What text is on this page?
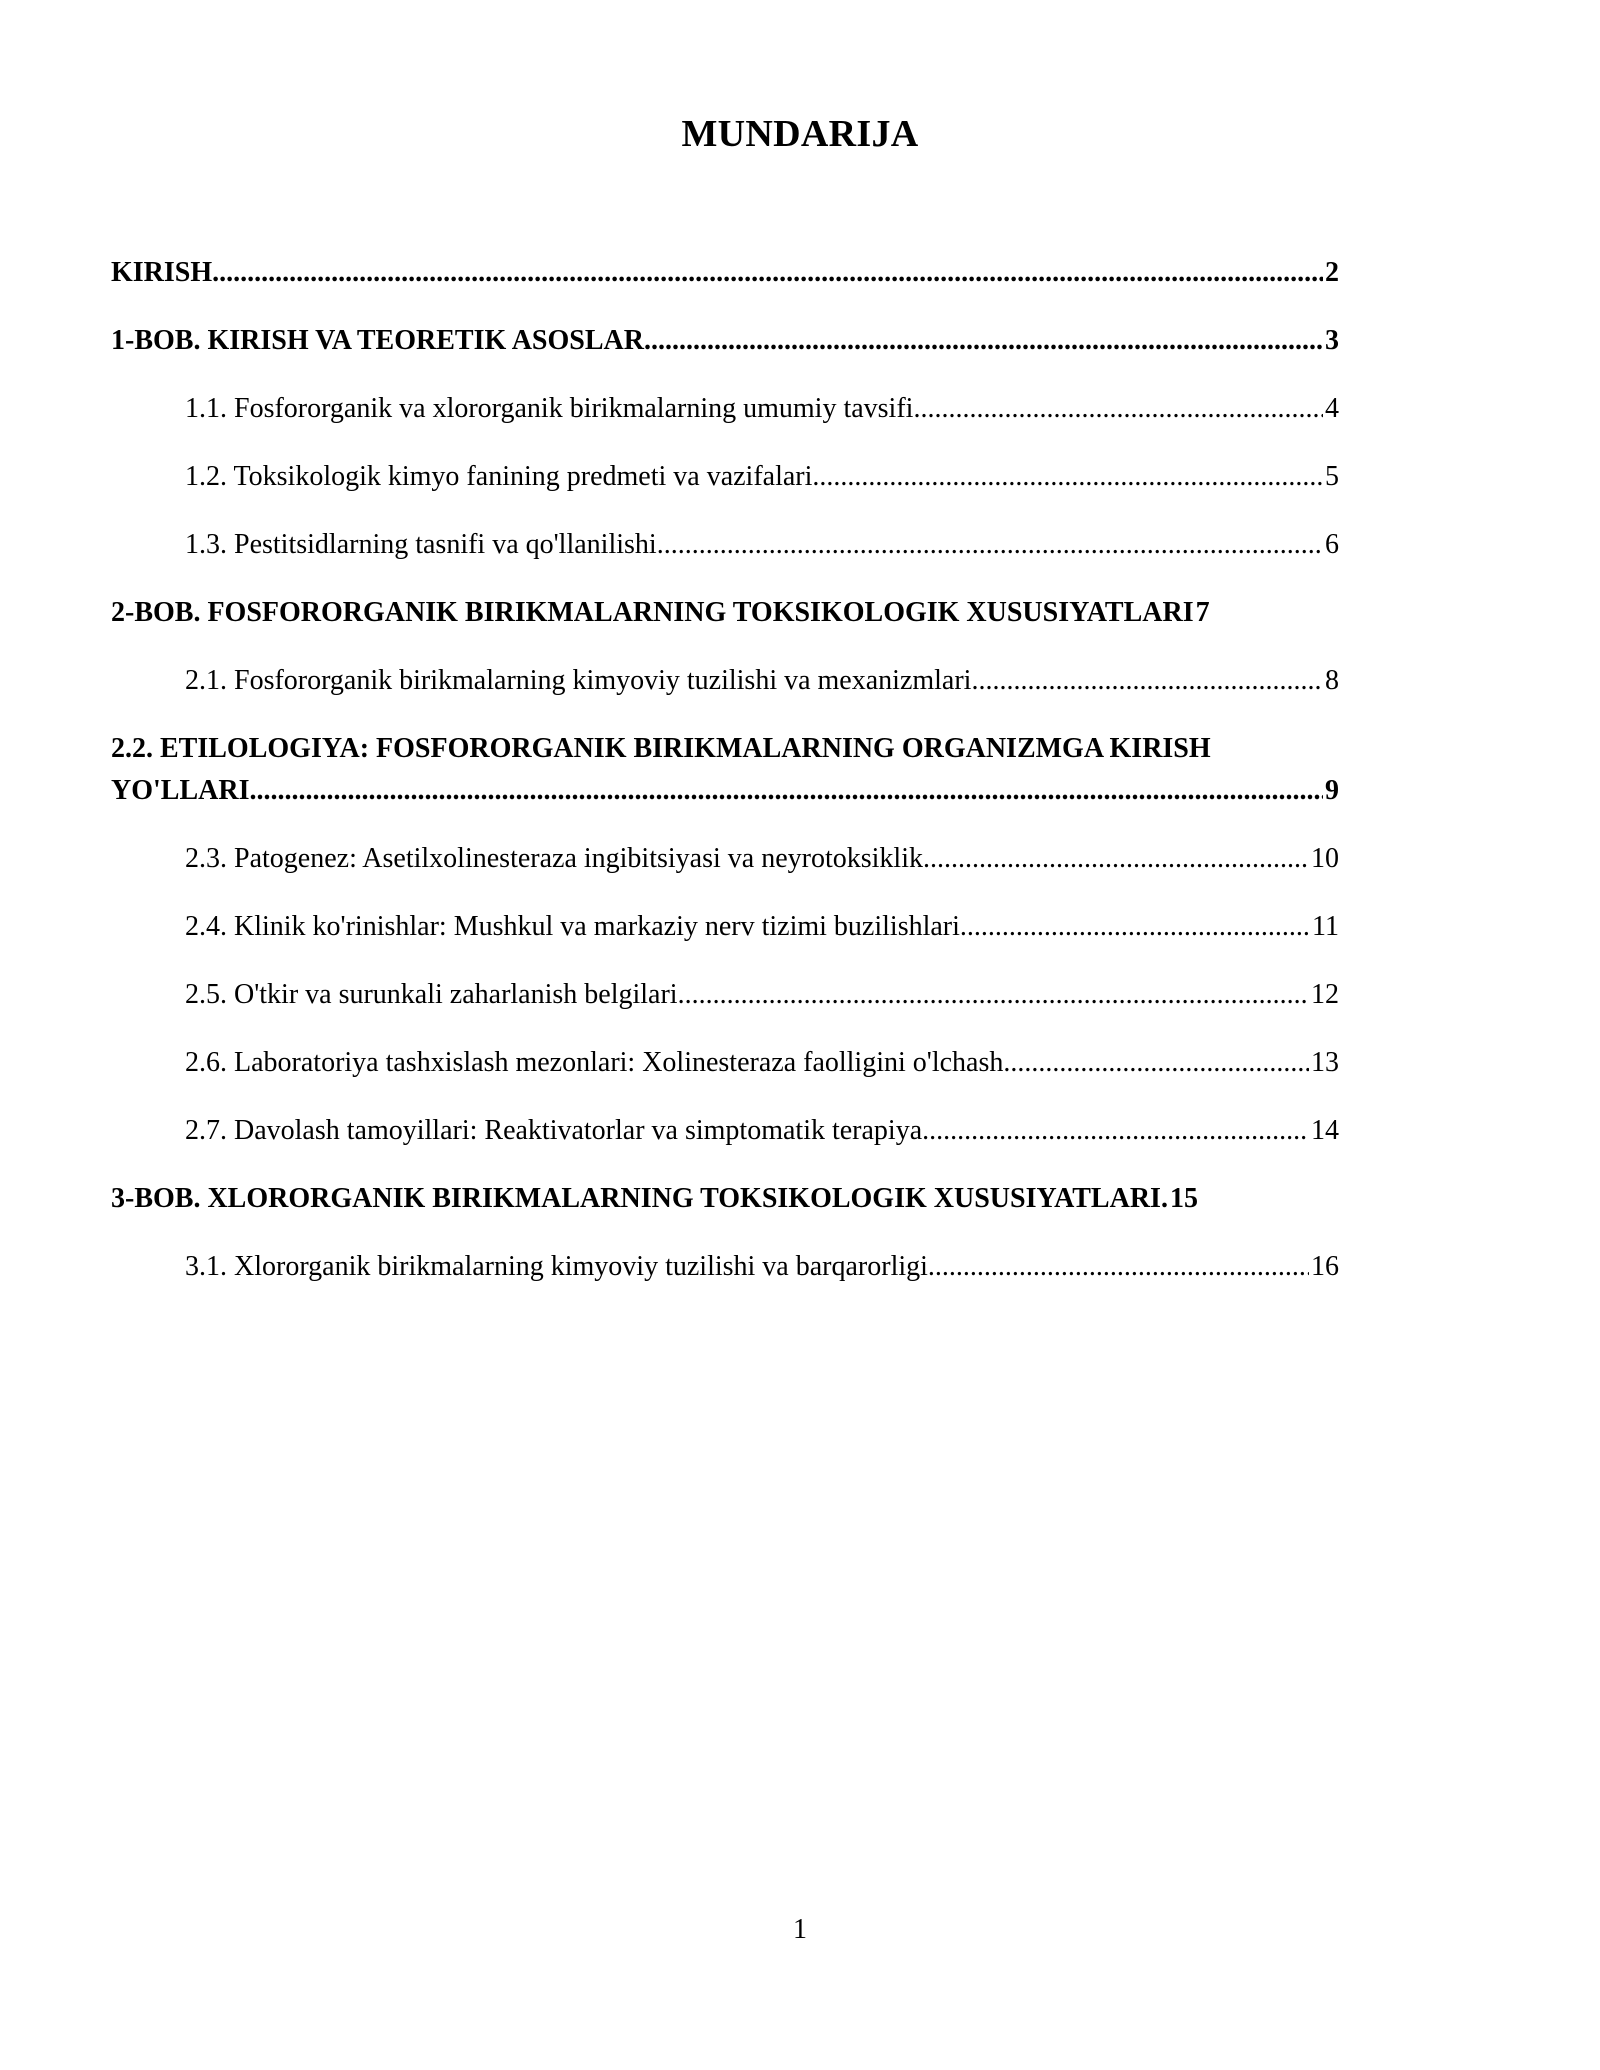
MUNDARIJA
KIRISH .....	2
1-BOB. KIRISH VA TEORETIK ASOSLAR .....	3
1.1. Fosfororganik va xlororganik birikmalarning umumiy tavsifi .....	4
1.2. Toksikologik kimyo fanining predmeti va vazifalari .....	5
1.3. Pestitsidlarning tasnifi va qo'llanilishi .....	6
2-BOB. FOSFORORGANIK BIRIKMALARNING TOKSIKOLOGIK XUSUSIYATLARI 7
2.1. Fosfororganik birikmalarning kimyoviy tuzilishi va mexanizmlari .....	8
2.2. ETILOLOGIYA: FOSFORORGANIK BIRIKMALARNING ORGANIZMGA KIRISH
YO'LLARI .....	9
2.3. Patogenez: Asetilxolinesteraza ingibitsiyasi va neyrotoksiklik .....	10
2.4. Klinik ko'rinishlar: Mushkul va markaziy nerv tizimi buzilishlari .....	11
2.5. O'tkir va surunkali zaharlanish belgilari .....	12
2.6. Laboratoriya tashxislash mezonlari: Xolinesteraza faolligini o'lchash .....	13
2.7. Davolash tamoyillari: Reaktivatorlar va simptomatik terapiya .....	14
3-BOB. XLORORGANIK BIRIKMALARNING TOKSIKOLOGIK XUSUSIYATLARI. 15
3.1. Xlororganik birikmalarning kimyoviy tuzilishi va barqarorligi .....	16
1
